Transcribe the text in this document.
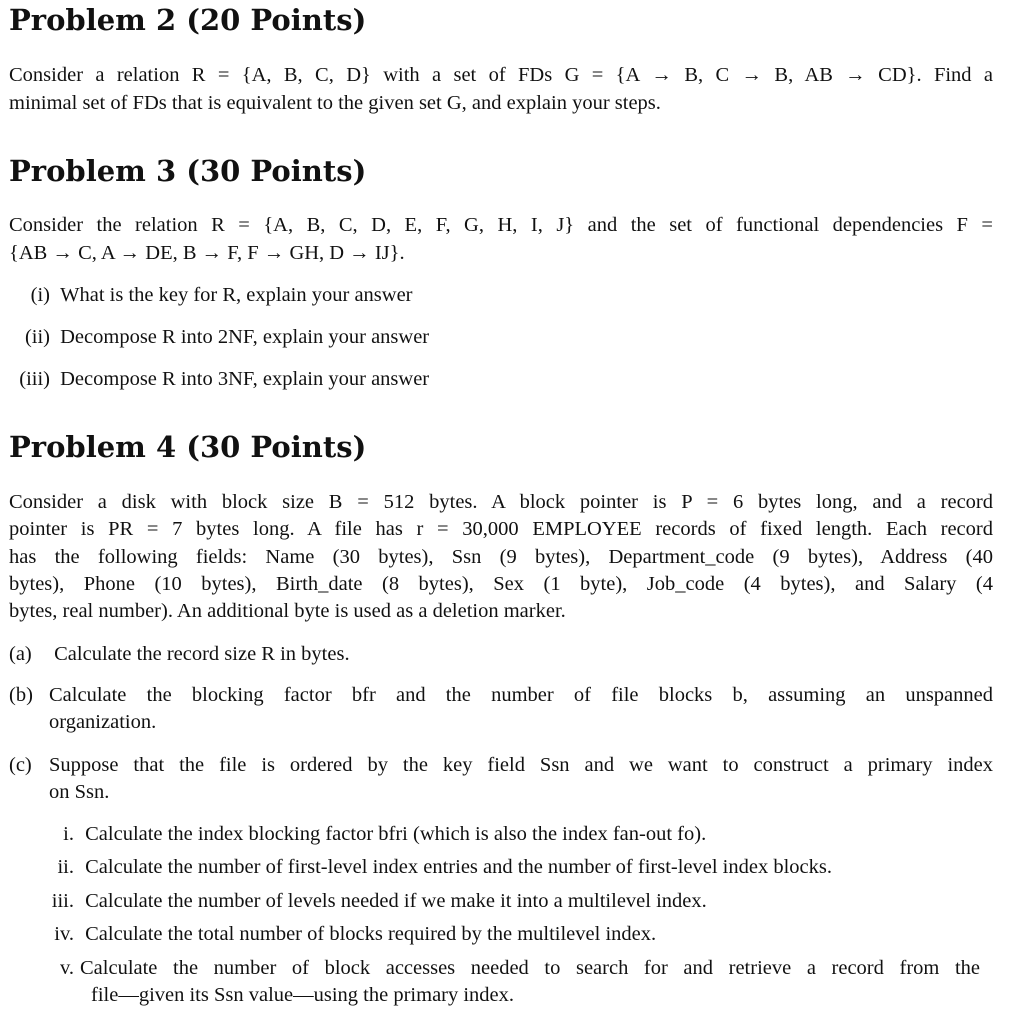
Problem 2 (20 Points)

Consider a relation R = {A, B, C, D} with a set of FDs G = {A → B, C → B, AB → CD}. Find a

minimal set of FDs that is equivalent to the given set G, and explain your steps.

Problem 3 (30 Points)

Consider the relation R = {A, B, C, D, E, F, G, H, I, J} and the set of functional dependencies F =

{AB → C, A → DE, B → F, F → GH, D → IJ}.

(i) What is the key for R, explain your answer

(ii) Decompose R into 2NF, explain your answer

(iii) Decompose R into 3NF, explain your answer

Problem 4 (30 Points)

Consider a disk with block size B = 512 bytes. A block pointer is P = 6 bytes long, and a record

pointer is PR = 7 bytes long. A file has r = 30,000 EMPLOYEE records of fixed length. Each record

has the following fields: Name (30 bytes), Ssn (9 bytes), Department_code (9 bytes), Address (40

bytes), Phone (10 bytes), Birth_date (8 bytes), Sex (1 byte), Job_code (4 bytes), and Salary (4

bytes, real number). An additional byte is used as a deletion marker.

(a) Calculate the record size R in bytes.

(b) Calculate the blocking factor bfr and the number of file blocks b, assuming an unspanned

organization.

(c) Suppose that the file is ordered by the key field Ssn and we want to construct a primary index

on Ssn.

i. Calculate the index blocking factor bfri (which is also the index fan-out fo).

ii. Calculate the number of first-level index entries and the number of first-level index blocks.

iii. Calculate the number of levels needed if we make it into a multilevel index.

iv. Calculate the total number of blocks required by the multilevel index.

v. Calculate the number of block accesses needed to search for and retrieve a record from the

file—given its Ssn value—using the primary index.
